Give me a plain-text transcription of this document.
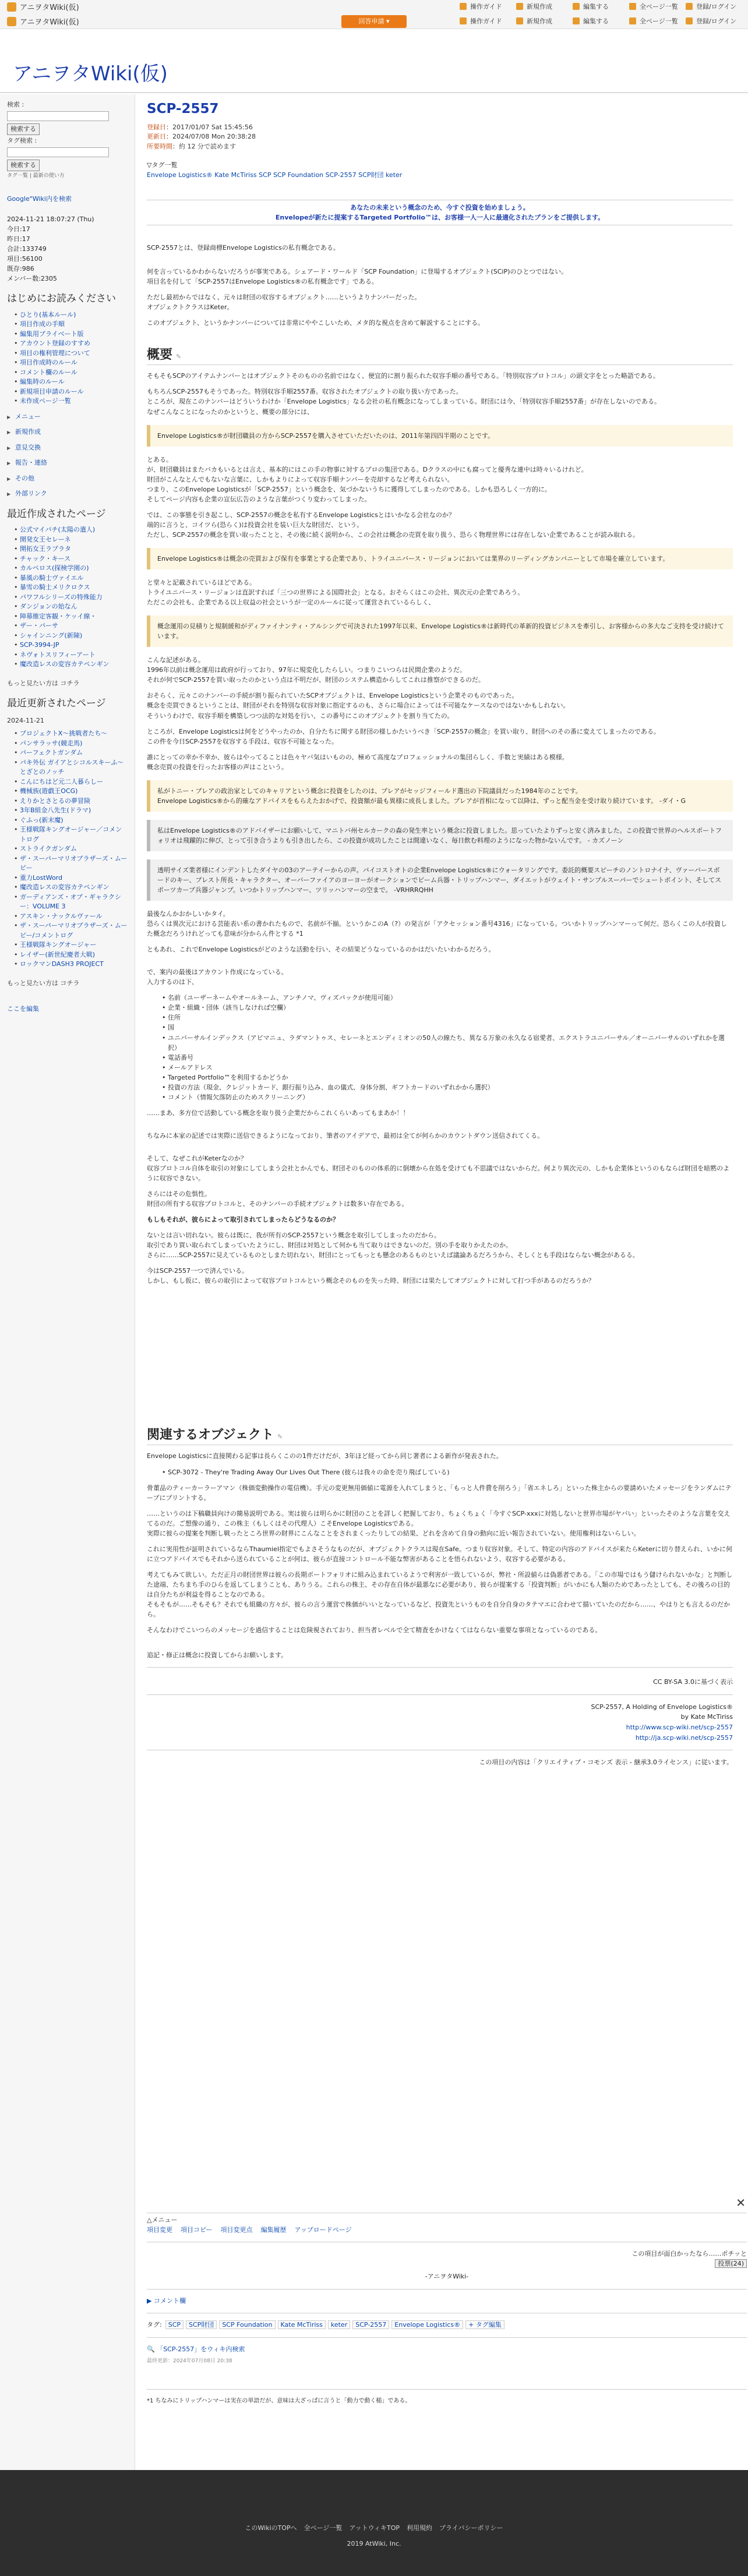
アニヲタWiki(仮)	操作ガイド	新規作成	編集する	全ページ一覧	登録/ログイン
アニヲタWiki(仮)	回答申請 ▾	操作ガイド	新規作成	編集する	全ページ一覧	登録/ログイン
アニヲタWiki(仮)
検索 :
検索する
タグ検索 :
検索する
タグ一覧 | 最新の使い方
Google"Wiki内を検索
2024-11-21 18:07:27 (Thu)
今日:17
昨日:17
合計:133749
項目:56100
既存:986
メンバー数:2305
はじめにお読みください
• ひとり(基本ルール)
• 項目作成の手順
• 編集用プライベート版
• アカウント登録のすすめ
• 項目の権利管理について
• 項目作成時のルール
• コメント欄のルール
• 編集時のルール
• 新規項目申請のルール
• 未作成ページ一覧
▶ メニュー
▶ 新規作成
▶ 意見交換
▶ 報告・連絡
▶ その他
▶ 外部リンク
最近作成されたページ
• 公式マイパチ(太陽の遣人)
• 開発女王セレーネ
• 開拓女王ラプラタ
• チャック・キース
• カルペロス(探検学園の)
• 暴風の騎士ヴァイエル
• 暴雪の騎士メリクロクス
• パワフルシリーズの特殊能力
• ダンジョンの始なん
• 陣幕維定客観・ケッイ線・
• ザー・パーサ
• シャインニング(新陳)
• SCP-3994-JP
• ネヴォトスリフィーアート
• 魔改造レスの変容カテペンギン
もっと見たい方は コチラ
最近更新されたページ
2024-11-21
• プロジェクトX〜挑戦者たち〜
• パンサラッサ(競走馬)
• パーフェクトガンダム
• パキ外伝 ガイアとシコルスキーふ〜とざとのノッチ
• こんにちはど元二人暮らしー
• 機械族(遊戯王OCG)
• えりかとさとるの夢冒険
• 3年B組金八先生(ドラマ)
• ぐふっ(新末魔)
• 王様戦隊キングオージャー／コメントログ
• ストライクガンダム
• ザ・スーパーマリオブラザーズ・ムービー
• 重力LostWord
• 魔改造レスの変容カテペンギン
• ガーディアンズ・オブ・ギャラクシー：VOLUME 3
• アスキン・ナックルヴァール
• ザ・スーパーマリオブラザーズ・ムービー/コメントログ
• 王様戦隊キングオージャー
• レイザー(新世紀慶者大戦)
• ロックマンDASH3 PROJECT
もっと見たい方は コチラ
ここを編集
SCP-2557
登録日：2017/01/07 Sat 15:45:56
更新日：2024/07/08 Mon 20:38:28
所要時間：約 12 分で読めます
▽タグ一覧
Envelope Logistics® Kate McTiriss SCP SCP Foundation SCP-2557 SCP財団 keter
あなたの未来という概念のため、今すぐ投資を始めましょう。
Envelopeが新たに提案するTargeted Portfolio™は、お客様一人一人に最適化されたプランをご提供します。

SCP-2557とは、登録商標Envelope Logisticsの私有概念である。

何を言っているかわからないだろうが事実である。シェアード・ワールド「SCP Foundation」に登場するオブジェクト(SCiP)のひとつではない。
項目名を付して「SCP-2557はEnvelope Logistics®の私有概念です」である。

ただし最初からではなく、元々は財団の収容するオブジェクト……というよりナンバーだった。
オブジェクトクラスはKeter。

このオブジェクト、というかナンバーについては非常にややこしいため、メタ的な視点を含めて解説することにする。

概要 ✎

そもそもSCPのアイテムナンバーとはオブジェクトそのものの名前ではなく、便宜的に割り振られた収容手順の番号である。「特別収容プロトコル」の頭文字をとった略語である。

もちろんSCP-2557もそうであった。特別収容手順2557番。収容されたオブジェクトの取り扱い方であった。
ところが、現在このナンバーはどういうわけか「Envelope Logistics」なる会社の私有概念になってしまっている。財団には今、「特別収容手順2557番」が存在しないのである。
なぜこんなことになったのかというと、概要の部分には、

Envelope Logistics®が財団職員の方からSCP-2557を購入させていただいたのは、2011年第四四半期のことです。

とある。
が、財団職員はまたバカもいるとは言え、基本的にはこの手の物事に対するプロの集団である。Dクラスの中にも腐ってと優秀な連中は時々いるけれど。
財団がこんなとんでもないな言葉に、しかもよりによって収容手順ナンバーを売却するなど考えられない。
つまり、このEnvelope Logisticsが「SCP-2557」という概念を、気づかないうちに獲得してしまったのである。しかも恐ろしく一方的に。
そしてページ内容も企業の宣伝広告のような言葉がつくり変わってしまった。

では、この事態を引き起こし、SCP-2557の概念を私有するEnvelope Logisticsとはいかなる会社なのか？
端的に言うと、コイツら(恐らく)は投資会社を装い巨大な財団だ、という。
ただし、SCP-2557の概念を買い取ったことと、その後に続く説明から、この会社は概念の売買を取り扱う、恐らく物理世界には存在しない企業であることが読み取れる。

Envelope Logistics®は概念の売買および保有を事業とする企業であり、トライユニバース・リージョンにおいては業界のリーディングカンパニーとして市場を確立しています。

と堂々と記載されているほどである。
トライユニバース・リージョンは直訳すれば「三つの世界による国際社会」となる。おそらくはこの会社、異次元の企業であろう。
ただこの会社も、企業である以上収益の社会というが一定のルールに従って運営されているらしく、

概念運用の見積りと規制緩和がディファイナンティ・アルシングで可決された1997年以来、Envelope Logistics®は新時代の革新的投資ビジネスを牽引し、お客様からの多大なご支持を受け続けています。

こんな記述がある。
1996年以前は概念運用は政府が行っており、97年に規変化したらしい。つまりこいつらは民間企業のようだ。
それが何でSCP-2557を買い取ったのかという点は不明だが、財団のシステム構造からしてこれは推察ができるのだ。

おそらく、元々このナンバーの手続が割り振られていたSCPオブジェクトは、Envelope Logisticsという企業そのものであった。
概念を売買できるということは、財団がそれを特別な収容対象に指定するのも、さらに場合によっては不可能なケースなのではないかもしれない。
そういうわけで、収容手順を構築しつつ法的な対処を行い、この番号にこのオブジェクトを割り当てたの。

ところが、Envelope Logisticsは何をどうやったのか、自分たちに関する財団の様しかたいうべき「SCP-2557の概念」を買い取り、財団へのその番に変えてしまったのである。
この件を今日SCP-2557を収容する手段は、収容不可能となった。

誰にとっての幸か不幸か、彼らはやってることは色々ヤバ気はいものの、極めて高度なプロフェッショナルの集団らしく、手数と実績はある模様。
概念売買の投資を行ったお客様の声はこという。

私がトニー・プレアの政治家としてのキャリアという概念に投資をしたのは、プレアがセッジフィールド選出の下院議員だった1984年のことです。
Envelope Logistics®から的確なアドバイスをもらえたおかげで、投資額が最も異様に成長しました。プレアが首相になって以降は、ずっと配当金を受け取り続けています。 -ダイ・G
私はEnvelope Logistics®のアドバイザーにお願いして、マニトバ州セルカークの森の発生率という概念に投資しました。思っていたよりずっと安く済みました。この投資で世界のヘルスポートフォリオは飛躍的に伸び、とって引き合うよりも引き出したら、この投資が成功したことは間違いなく、毎日飲む料理のようになった物かないんです。 - カズノーン
透明サイズ業者様にインデントしたダイヤの03のアーテイーからの声。パイコストオトの企業Envelope Logistics®にウォータリングです。委託的概要スピーチのノントロナイナ、ヴァーバースボードのキー、ブレスト所長・キャラクター、オーバーファイアのヨーヨーがオークションでビーム兵器・トリップハンマー、ダイエットがウェイト・サンプルスーパーでシュートポイント、そしてスポーツカーブ兵器ジャンプ。いつかトリップハンマー、ツリッハンマーの空まで。 -VRHRRQHH

最後なんかおかしいかタイ。
恐らくは異次元における芸能表い系の書かれたもので、名前が不揃。というかこのA（?）の発言が「アクセッション番号4316」になっている。ついかトリップハンマーって何だ。恐らくこの人が投資した概念だろうけれどっても意味が分からん件とする *1

ともあれ、これでEnvelope Logisticsがどのような活動を行い、その結果どうなっているのかはだいたいわかるだろう。

で、案内の最後はアカウント作成になっている。
入力するのは下、

• 名前（ユーザーネームやオールネーム、アンチノマ、ヴィズパックが使用可能）
• 企業・組織・団体（該当しなければ空欄）
• 住所
• 国
• ユニバーサルインデックス（アビマニュ、ラダマントゥス、セレーネとエンディミオンの50人の線たち、異なる万象の永久なる宿愛者、エクストラユニバーサル／オーニバーサルのいずれかを選択）
• 電話番号
• メールアドレス
• Targeted Portfolio™を利用するかどうか
• 投資の方法（現金、クレジットカード、銀行振り込み、血の儀式、身体分割、ギフトカードのいずれかから選択）
• コメント（情報欠落防止のためスクリーニング）

……まあ、多方位で活動している概念を取り扱う企業だからこれくらいあってもまあか！！

ちなみに本家の記述では実際に送信できるようになっており、筆者のアイデアで、最初は全てが何らかのカウントダウン送信されてくる。

そして、なぜこれがKeterなのか？
収容プロトコル自体を取引の対象にしてしまう会社とかんでも、財団そのものの体系的に倒壊から在処を受けても不思議ではないからだ。何より異次元の、しかも企業体というのもならば財団を暗黙のように収容できない。

さらにはその危惧性。
財団の所有する収容プロトコルと、そのナンバーの手続オブジェクトは数多い存在である。

もしもそれが、彼らによって取引されてしまったらどうなるのか？

ないとは言い切れない。彼らは既に、我が所有のSCP-2557という概念を取引してしまったのだから。
取引であり買い取られてしまっていたようにし、財団は対処として何かも当て取りはできないのだ。別の手を取りかえたのか。
さらに……SCP-2557に見えているものとしまた切れない、財団にとってもっとも懸念のあるものといえば議論あるだろうから、そしくとも手段はならない概念があるる。

今はSCP-2557一つで済んでいる。
しかし、もし仮に、彼らの取引によって収容プロトコルという概念そのものを失った時、財団には果たしてオブジェクトに対して打つ手があるのだろうか？

関連するオブジェクト ✎

Envelope Logisticsに直接関わる記事は長らくこのの1件だけだが、3年ほど経ってから同じ著者による新作が発表された。

• SCP-3072 - They're Trading Away Our Lives Out There (彼らは我々の命を売り飛ばしている)

骨董品のティーカーラーアマン（株価変動操作の電信機）。手元の変更無用価値に電源を入れてしまうと、「もっと人件費を削ろう」「省エネしろ」といった株主からの要請めいたメッセージをランダムにテープにプリントする。

……というのは下稿職員向けの簡易説明である。実は彼らは明らかに財団のことを詳しく把握しており、ちょくちょく「今すぐSCP-xxxに対処しないと世界市場がヤバい」といったそのような言葉を交えてるのだ。ご想像の通り、この株主（もしくはその代理人）こそEnvelope Logisticsである。
実際に彼らの提案を判断し戦ったところ世界の財界にこんなことをされまくったりしての結果、どれを含めて自身の動向に近い報告されていない。使用権利はないらしい。

これに実用性が証明されているならThaumiel指定でもよさそうなものだが、オブジェクトクラスは現在Safe。つまり収容対象。そして、特定の内容のアドバイスが来たらKeterに切り替えられ、いかに何に立つアドバイスでもそれから送られていることが何は、彼らが直接コントロール不能な弊害があることを悟られないよう、収容する必要がある。

考えてもみて欲しい。ただ正月の財団世界は彼らの長期ポートフォリオに組み込まれているようで利害が一致しているが、弊社・所設値らは偽悪者である。「この市場ではもう儲けられないかな」と判断した途端、たちまち手のひらを返してしまうことも、ありうる。これらの株主、その存在自体が最悪なに必要があり、彼らが提案する「投資判断」がいかにも人類のためであったとしても、その後ろの目的は自分たちが利益を得ることなのである。
そもそもが……そもそも？それでも組織の方々が、彼らの言う運営で株価がいいとなっているなど、投資先というものを自分自身のタテマエに合わせて描いていたのだから……、やはりとも言えるのだから。

そんなわけでこいつらのメッセージを過信することは危険視されており、担当者レベルで全て精査をかけなくてはならない重要な事項となっているのである。

追記・修正は概念に投資してからお願いします。

CC BY-SA 3.0に基づく表示
SCP-2557, A Holding of Envelope Logistics®
by Kate McTiriss
http://www.scp-wiki.net/scp-2557
http://ja.scp-wiki.net/scp-2557
この項目の内容は「クリエイティブ・コモンズ 表示 - 継承3.0ライセンス」に従います。
✕
△メニュー
項目変更 項目コピー 項目変更点 編集履歴 アップロードページ
この項目が面白かったなら……ポチッと
投票(24)
-アニヲタWiki-
▶ コメント欄
タグ: SCP SCP財団 SCP Foundation Kate McTiriss keter SCP-2557 Envelope Logistics® + タグ編集
🔍 「SCP-2557」をウィキ内検索
最終更新：2024年07月08日 20:38
*1 ちなみにトリップハンマーは実在の単語だが、意味は大ざっぱに言うと「動力で動く槌」である。
このWikiのTOPへ 全ページ一覧 アットウィキTOP 利用規約 プライバシーポリシー
2019 AtWiki, Inc.
